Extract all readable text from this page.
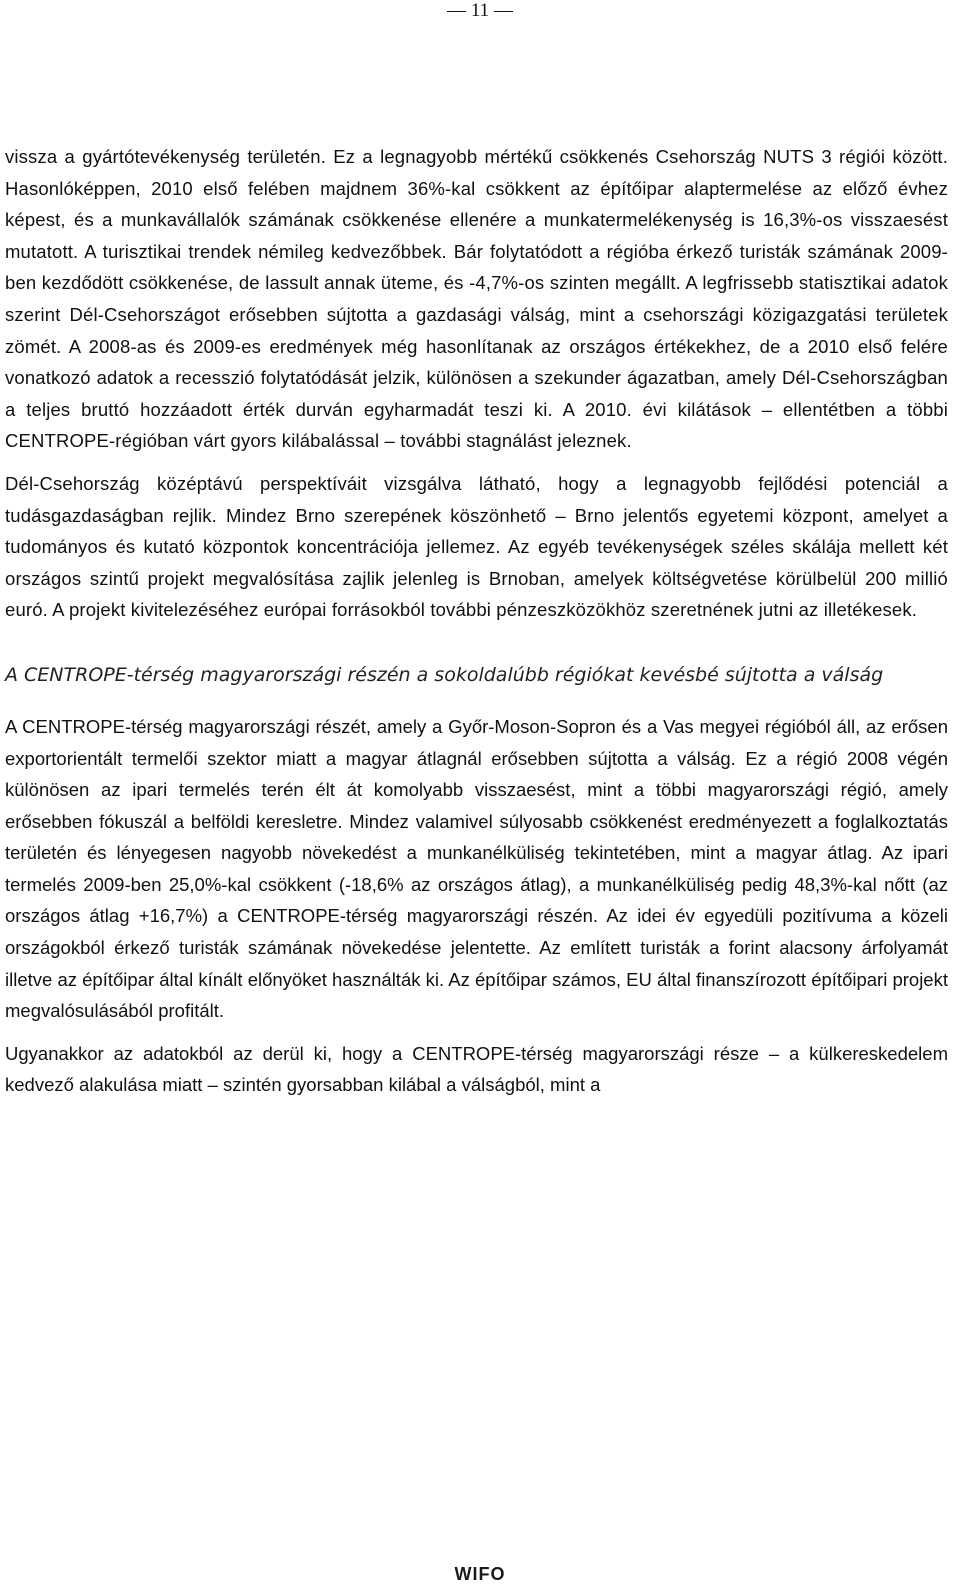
— 11 —

vissza a gyártótevékenység területén. Ez a legnagyobb mértékű csökkenés Csehország NUTS 3 régiói között. Hasonlóképpen, 2010 első felében majdnem 36%-kal csökkent az építőipar alaptermelése az előző évhez képest, és a munkavállalók számának csökkenése ellenére a munkatermelékenység is 16,3%-os visszaesést mutatott. A turisztikai trendek némileg kedvezőbbek. Bár folytatódott a régióba érkező turisták számának 2009-ben kezdődött csökkenése, de lassult annak üteme, és -4,7%-os szinten megállt. A legfrissebb statisztikai adatok szerint Dél-Csehországot erősebben sújtotta a gazdasági válság, mint a csehországi közigazgatási területek zömét. A 2008-as és 2009-es eredmények még hasonlítanak az országos értékekhez, de a 2010 első felére vonatkozó adatok a recesszió folytatódását jelzik, különösen a szekunder ágazatban, amely Dél-Csehországban a teljes bruttó hozzáadott érték durván egyharmadát teszi ki. A 2010. évi kilátások – ellentétben a többi CENTROPE-régióban várt gyors kilábalással – további stagnálást jeleznek.

Dél-Csehország középtávú perspektíváit vizsgálva látható, hogy a legnagyobb fejlődési potenciál a tudásgazdaságban rejlik. Mindez Brno szerepének köszönhető – Brno jelentős egyetemi központ, amelyet a tudományos és kutató központok koncentrációja jellemez. Az egyéb tevékenységek széles skálája mellett két országos szintű projekt megvalósítása zajlik jelenleg is Brnoban, amelyek költségvetése körülbelül 200 millió euró. A projekt kivitelezéséhez európai forrásokból további pénzeszközökhöz szeretnének jutni az illetékesek.

A CENTROPE-térség magyarországi részén a sokoldalúbb régiókat kevésbé sújtotta a válság

A CENTROPE-térség magyarországi részét, amely a Győr-Moson-Sopron és a Vas megyei régióból áll, az erősen exportorientált termelői szektor miatt a magyar átlagnál erősebben sújtotta a válság. Ez a régió 2008 végén különösen az ipari termelés terén élt át komolyabb visszaesést, mint a többi magyarországi régió, amely erősebben fókuszál a belföldi keresletre. Mindez valamivel súlyosabb csökkenést eredményezett a foglalkoztatás területén és lényegesen nagyobb növekedést a munkanélküliség tekintetében, mint a magyar átlag. Az ipari termelés 2009-ben 25,0%-kal csökkent (-18,6% az országos átlag), a munkanélküliség pedig 48,3%-kal nőtt (az országos átlag +16,7%) a CENTROPE-térség magyarországi részén. Az idei év egyedüli pozitívuma a közeli országokból érkező turisták számának növekedése jelentette. Az említett turisták a forint alacsony árfolyamát illetve az építőipar által kínált előnyöket használták ki. Az építőipar számos, EU által finanszírozott építőipari projekt megvalósulásából profitált.

Ugyanakkor az adatokból az derül ki, hogy a CENTROPE-térség magyarországi része – a külkereskedelem kedvező alakulása miatt – szintén gyorsabban kilábal a válságból, mint a

WIFO
